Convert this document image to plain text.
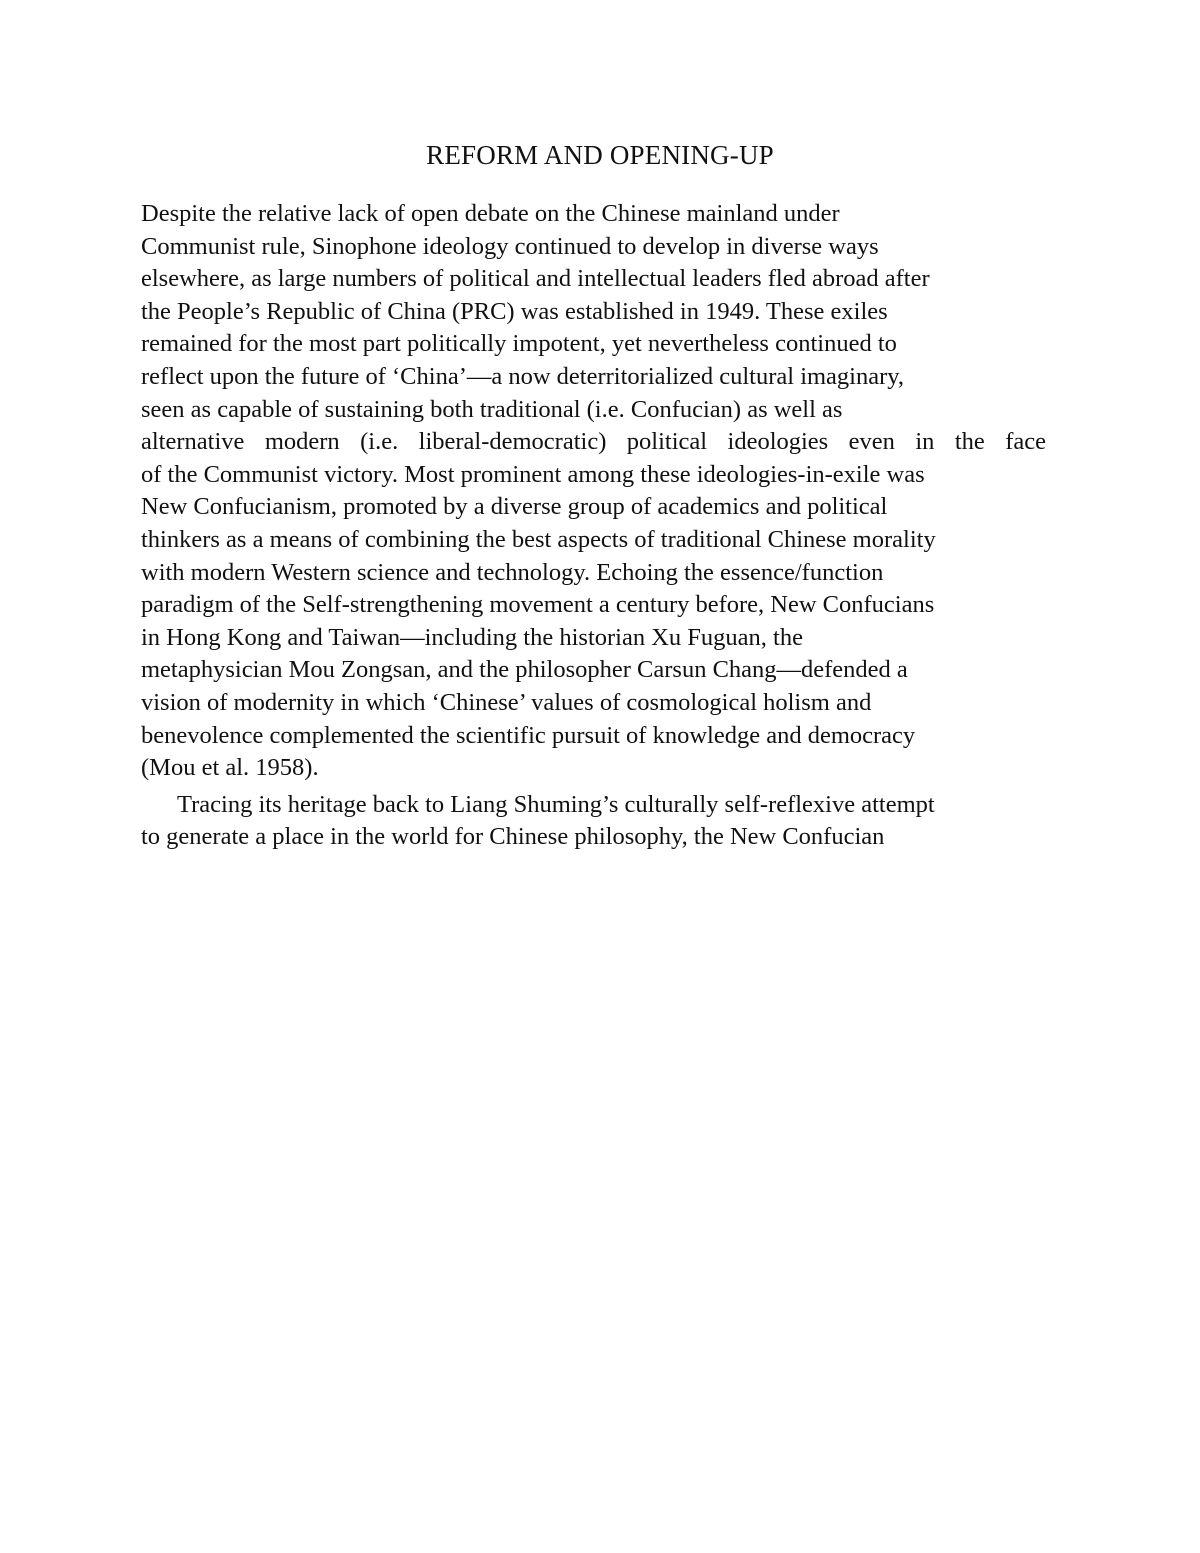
REFORM AND OPENING-UP

Despite the relative lack of open debate on the Chinese mainland under

Communist rule, Sinophone ideology continued to develop in diverse ways

elsewhere, as large numbers of political and intellectual leaders fled abroad after

the People’s Republic of China (PRC) was established in 1949. These exiles

remained for the most part politically impotent, yet nevertheless continued to

reflect upon the future of ‘China’—a now deterritorialized cultural imaginary,

seen as capable of sustaining both traditional (i.e. Confucian) as well as

alternative modern (i.e. liberal-democratic) political ideologies even in the face

of the Communist victory. Most prominent among these ideologies-in-exile was

New Confucianism, promoted by a diverse group of academics and political

thinkers as a means of combining the best aspects of traditional Chinese morality

with modern Western science and technology. Echoing the essence/function

paradigm of the Self-strengthening movement a century before, New Confucians

in Hong Kong and Taiwan—including the historian Xu Fuguan, the

metaphysician Mou Zongsan, and the philosopher Carsun Chang—defended a

vision of modernity in which ‘Chinese’ values of cosmological holism and

benevolence complemented the scientific pursuit of knowledge and democracy

(Mou et al. 1958).

Tracing its heritage back to Liang Shuming’s culturally self-reflexive attempt

to generate a place in the world for Chinese philosophy, the New Confucian
